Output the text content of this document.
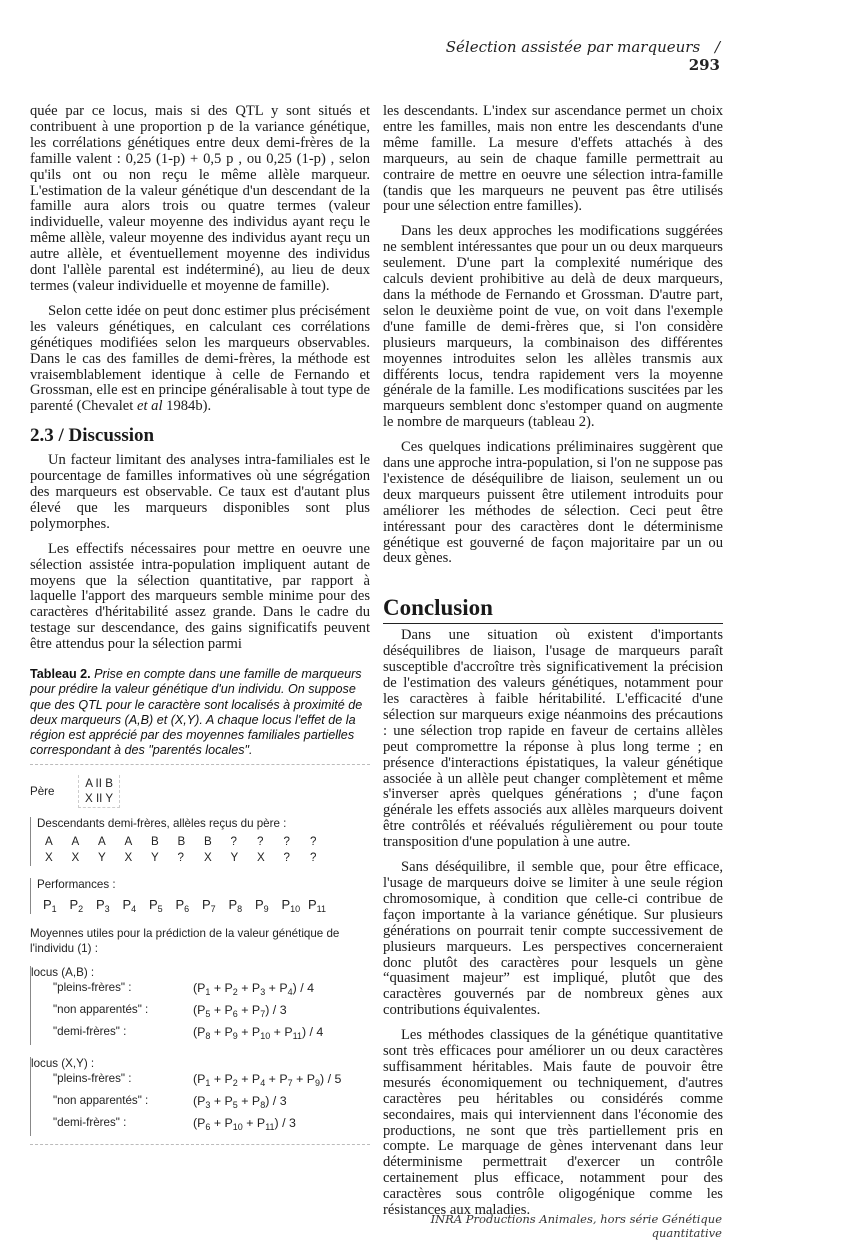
Sélection assistée par marqueurs / 293

quée par ce locus, mais si des QTL y sont situés et contribuent à une proportion p de la variance génétique, les corrélations génétiques entre deux demi-frères de la famille valent : 0,25 (1-p) + 0,5 p , ou 0,25 (1-p) , selon qu'ils ont ou non reçu le même allèle marqueur. L'estimation de la valeur génétique d'un descendant de la famille aura alors trois ou quatre termes (valeur individuelle, valeur moyenne des individus ayant reçu le même allèle, valeur moyenne des individus ayant reçu un autre allèle, et éventuellement moyenne des individus dont l'allèle parental est indéterminé), au lieu de deux termes (valeur individuelle et moyenne de famille).

Selon cette idée on peut donc estimer plus précisément les valeurs génétiques, en calculant ces corrélations génétiques modifiées selon les marqueurs observables. Dans le cas des familles de demi-frères, la méthode est vraisemblablement identique à celle de Fernando et Grossman, elle est en principe généralisable à tout type de parenté (Chevalet et al 1984b).

2.3 / Discussion

Un facteur limitant des analyses intra-familiales est le pourcentage de familles informatives où une ségrégation des marqueurs est observable. Ce taux est d'autant plus élevé que les marqueurs disponibles sont plus polymorphes.

Les effectifs nécessaires pour mettre en oeuvre une sélection assistée intra-population impliquent autant de moyens que la sélection quantitative, par rapport à laquelle l'apport des marqueurs semble minime pour des caractères d'héritabilité assez grande. Dans le cadre du testage sur descendance, des gains significatifs peuvent être attendus pour la sélection parmi

Tableau 2. Prise en compte dans une famille de marqueurs pour prédire la valeur génétique d'un individu. On suppose que des QTL pour le caractère sont localisés à proximité de deux marqueurs (A,B) et (X,Y). A chaque locus l'effet de la région est apprécié par des moyennes familiales partielles correspondant à des "parentés locales".
Père
A II B
X II Y
Descendants demi-frères, allèles reçus du père :
A	A	A	A	B	B	B	?	?	?	?
X	X	Y	X	Y	?	X	Y	X	?	?
Performances :
$P_1$ $P_2$ $P_3$ $P_4$ $P_5$ $P_6$ $P_7$ $P_8$ $P_9$ $P_{10}$ $P_{11}$
Moyennes utiles pour la prédiction de la valeur génétique de l'individu (1) :
locus (A,B) :
"pleins-frères" :	$(P_1 + P_2 + P_3 + P_4) / 4$
"non apparentés" :	$(P_5 + P_6 + P_7) / 3$
"demi-frères" :	$(P_8 + P_9 + P_{10} + P_{11}) / 4$
locus (X,Y) :
"pleins-frères" :	$(P_1 + P_2 + P_4 + P_7 + P_9) / 5$
"non apparentés" :	$(P_3 + P_5 + P_8) / 3$
"demi-frères" :	$(P_6 + P_{10} + P_{11}) / 3$

les descendants. L'index sur ascendance permet un choix entre les familles, mais non entre les descendants d'une même famille. La mesure d'effets attachés à des marqueurs, au sein de chaque famille permettrait au contraire de mettre en oeuvre une sélection intra-famille (tandis que les marqueurs ne peuvent pas être utilisés pour une sélection entre familles).

Dans les deux approches les modifications suggérées ne semblent intéressantes que pour un ou deux marqueurs seulement. D'une part la complexité numérique des calculs devient prohibitive au delà de deux marqueurs, dans la méthode de Fernando et Grossman. D'autre part, selon le deuxième point de vue, on voit dans l'exemple d'une famille de demi-frères que, si l'on considère plusieurs marqueurs, la combinaison des différentes moyennes introduites selon les allèles transmis aux différents locus, tendra rapidement vers la moyenne générale de la famille. Les modifications suscitées par les marqueurs semblent donc s'estomper quand on augmente le nombre de marqueurs (tableau 2).

Ces quelques indications préliminaires suggèrent que dans une approche intra-population, si l'on ne suppose pas l'existence de déséquilibre de liaison, seulement un ou deux marqueurs puissent être utilement introduits pour améliorer les méthodes de sélection. Ceci peut être intéressant pour des caractères dont le déterminisme génétique est gouverné de façon majoritaire par un ou deux gènes.

Conclusion

Dans une situation où existent d'importants déséquilibres de liaison, l'usage de marqueurs paraît susceptible d'accroître très significativement la précision de l'estimation des valeurs génétiques, notamment pour les caractères à faible héritabilité. L'efficacité d'une sélection sur marqueurs exige néanmoins des précautions : une sélection trop rapide en faveur de certains allèles peut compromettre la réponse à plus long terme ; en présence d'interactions épistatiques, la valeur génétique associée à un allèle peut changer complètement et même s'inverser après quelques générations ; d'une façon générale les effets associés aux allèles marqueurs doivent être contrôlés et réévalués régulièrement ou pour toute transposition d'une population à une autre.

Sans déséquilibre, il semble que, pour être efficace, l'usage de marqueurs doive se limiter à une seule région chromosomique, à condition que celle-ci contribue de façon importante à la variance génétique. Sur plusieurs générations on pourrait tenir compte successivement de plusieurs marqueurs. Les perspectives concerneraient donc plutôt des caractères pour lesquels un gène “quasiment majeur” est impliqué, plutôt que des caractères gouvernés par de nombreux gènes aux contributions équivalentes.

Les méthodes classiques de la génétique quantitative sont très efficaces pour améliorer un ou deux caractères suffisamment héritables. Mais faute de pouvoir être mesurés économiquement ou techniquement, d'autres caractères peu héritables ou considérés comme secondaires, mais qui interviennent dans l'économie des productions, ne sont que très partiellement pris en compte. Le marquage de gènes intervenant dans leur déterminisme permettrait d'exercer un contrôle certainement plus efficace, notamment pour des caractères sous contrôle oligogénique comme les résistances aux maladies.

INRA Productions Animales, hors série Génétique quantitative
